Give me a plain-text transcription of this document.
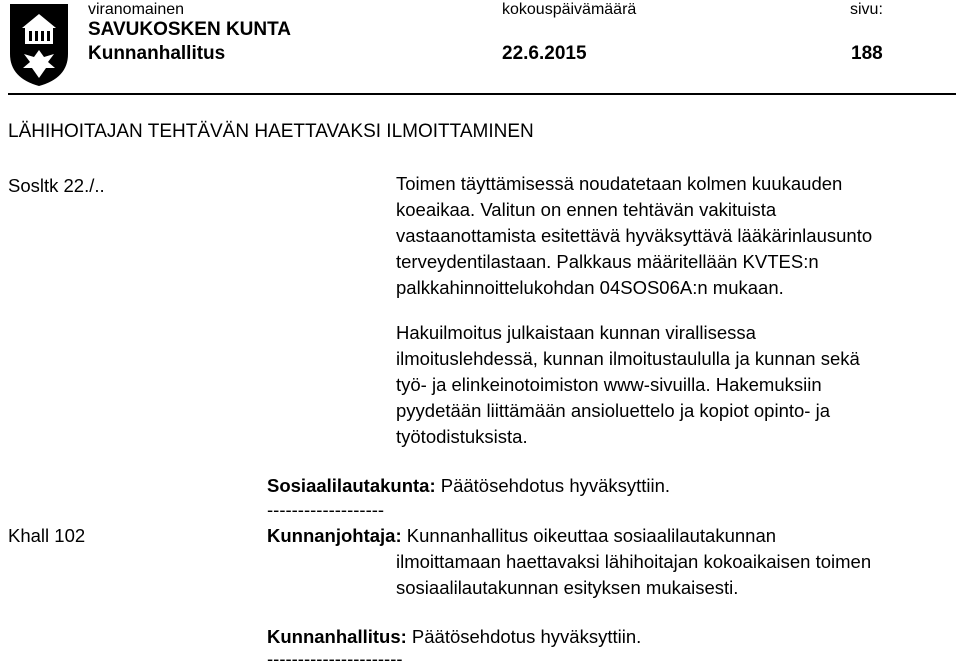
viranomainen	kokouspäivämäärä	sivu:
SAVUKOSKEN KUNTA
Kunnanhallitus	22.6.2015	188
LÄHIHOITAJAN TEHTÄVÄN HAETTAVAKSI ILMOITTAMINEN
Sosltk 22./..
Khall 102
Toimen täyttämisessä noudatetaan kolmen kuukauden
koeaikaa. Valitun on ennen tehtävän vakituista
vastaanottamista esitettävä hyväksyttävä lääkärinlausunto
terveydentilastaan. Palkkaus määritellään KVTES:n
palkkahinnoittelukohdan 04SOS06A:n mukaan.
Hakuilmoitus julkaistaan kunnan virallisessa
ilmoituslehdessä, kunnan ilmoitustaululla ja kunnan sekä
työ- ja elinkeinotoimiston www-sivuilla. Hakemuksiin
pyydetään liittämään ansioluettelo ja kopiot opinto- ja
työtodistuksista.
Sosiaalilautakunta: Päätösehdotus hyväksyttiin.
-------------------
Kunnanjohtaja: Kunnanhallitus oikeuttaa sosiaalilautakunnan
ilmoittamaan haettavaksi lähihoitajan kokoaikaisen toimen
sosiaalilautakunnan esityksen mukaisesti.
Kunnanhallitus: Päätösehdotus hyväksyttiin.
----------------------
